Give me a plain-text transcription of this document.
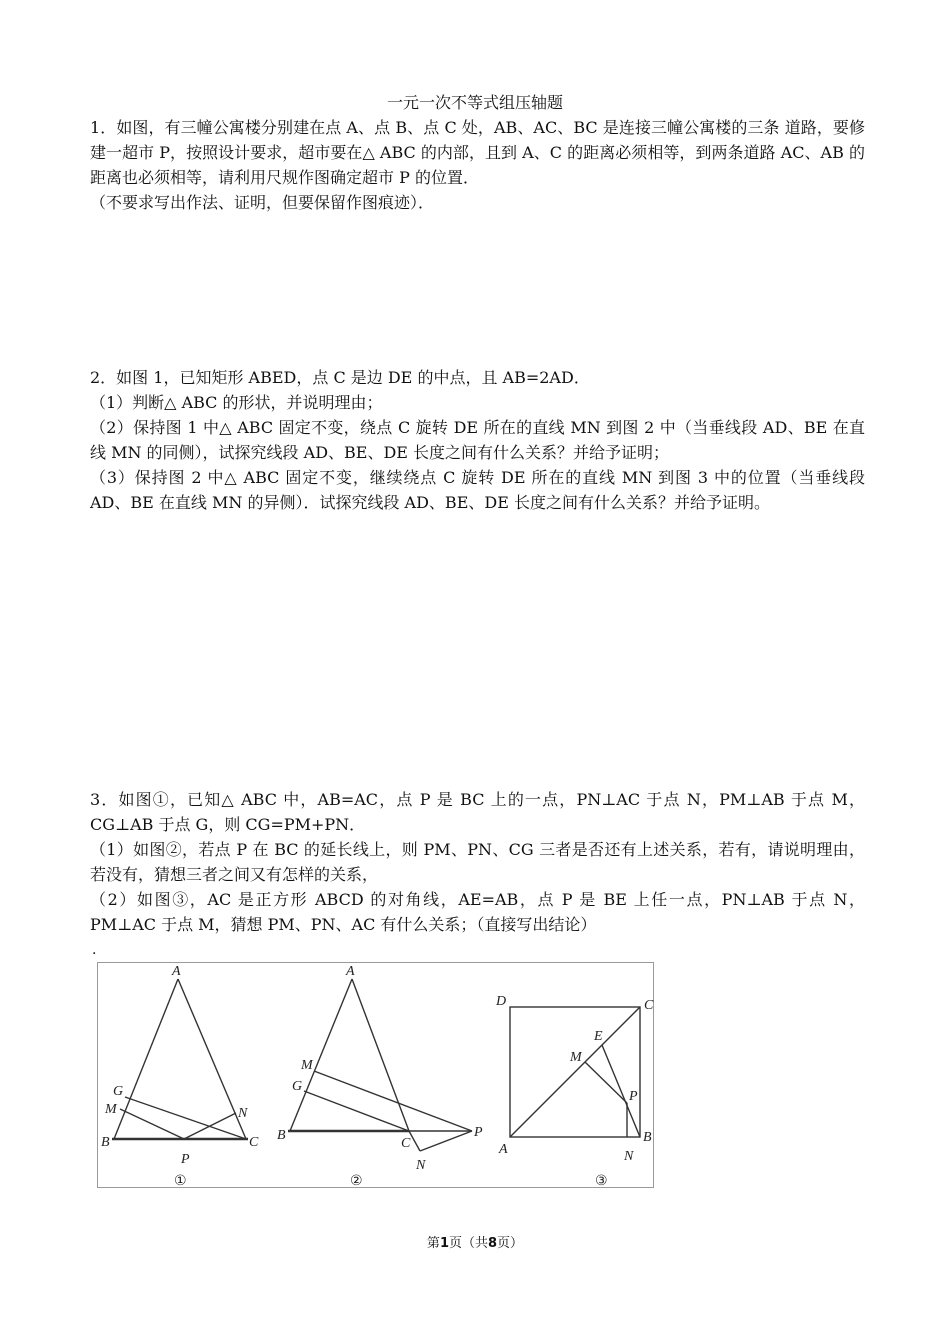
一元一次不等式组压轴题

1．如图，有三幢公寓楼分别建在点 A、点 B、点 C 处，AB、AC、BC 是连接三幢公寓楼的三条 道路，要修建一超市 P，按照设计要求，超市要在△ ABC 的内部，且到 A、C 的距离必须相等，到两条道路 AC、AB 的距离也必须相等，请利用尺规作图确定超市 P 的位置．

（不要求写出作法、证明，但要保留作图痕迹）．

2．如图 1，已知矩形 ABED，点 C 是边 DE 的中点，且 AB=2AD．

（1）判断△ ABC 的形状，并说明理由；

（2）保持图 1 中△ ABC 固定不变，绕点 C 旋转 DE 所在的直线 MN 到图 2 中（当垂线段 AD、BE 在直线 MN 的同侧），试探究线段 AD、BE、DE 长度之间有什么关系？并给予证明；

（3）保持图 2 中△ ABC 固定不变，继续绕点 C 旋转 DE 所在的直线 MN 到图 3 中的位置（当垂线段 AD、BE 在直线 MN 的异侧）．试探究线段 AD、BE、DE 长度之间有什么关系？并给予证明。

3．如图①，已知△ ABC 中，AB=AC，点 P 是 BC 上的一点，PN⊥AC 于点 N，PM⊥AB 于点 M，CG⊥AB 于点 G，则 CG=PM+PN．

（1）如图②，若点 P 在 BC 的延长线上，则 PM、PN、CG 三者是否还有上述关系，若有，请说明理由，若没有，猜想三者之间又有怎样的关系，

（2）如图③，AC 是正方形 ABCD 的对角线，AE=AB，点 P 是 BE 上任一点，PN⊥AB 于点 N，PM⊥AC 于点 M，猜想 PM、PN、AC 有什么关系；（直接写出结论）

.
A
G
M	N
B
P
C
①
A
M
G
B
C
P
N
②
D	C
E
M
P
A
B
N
③
第1页（共8页）
